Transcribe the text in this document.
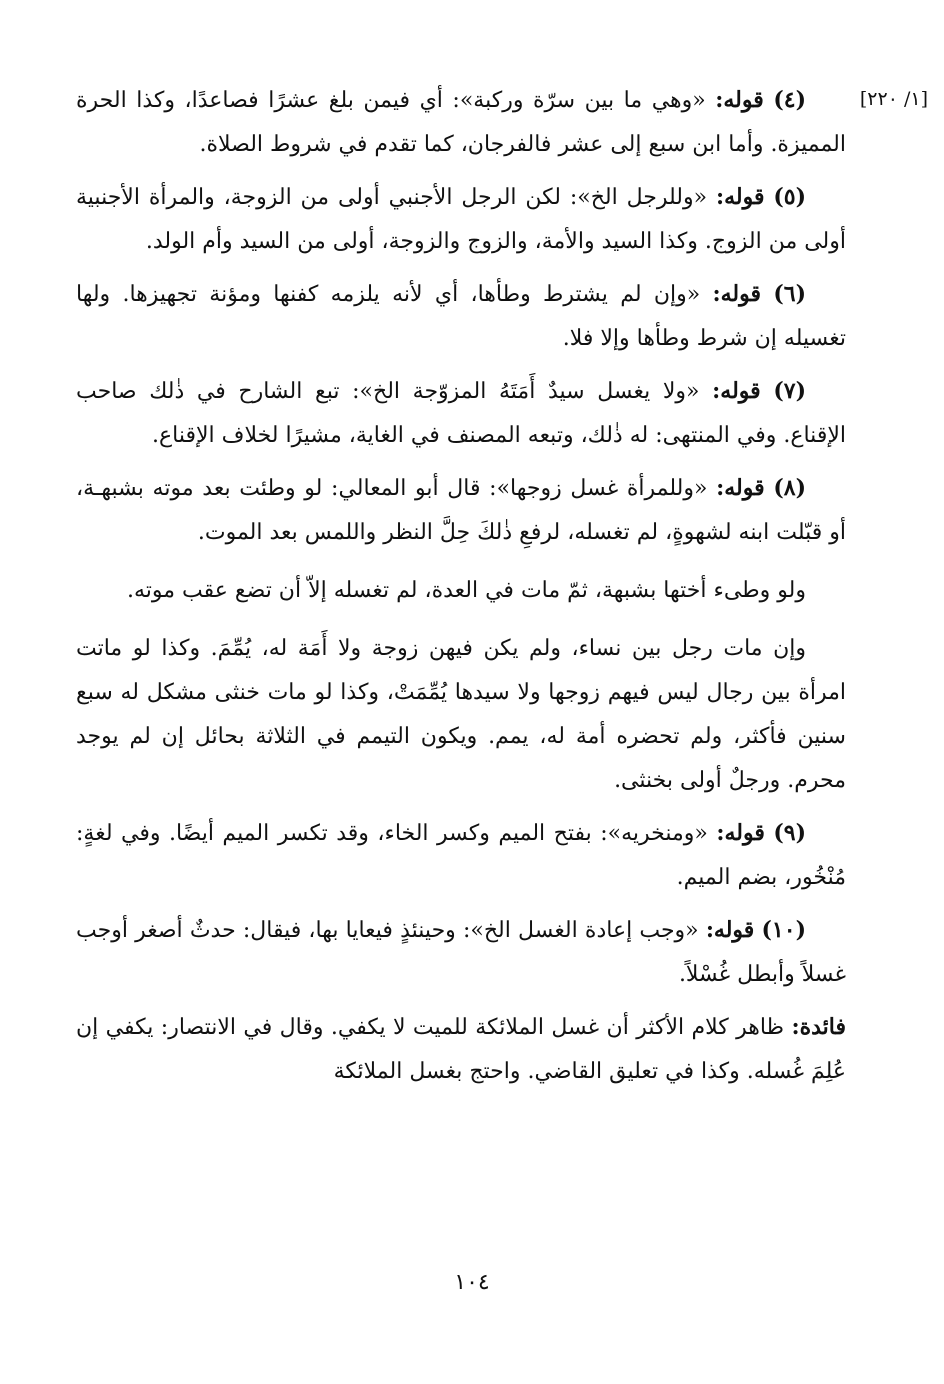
[١/ ٢٢٠]

(٤) قوله: «وهي ما بين سرّة وركبة»: أي فيمن بلغ عشرًا فصاعدًا، وكذا الحرة المميزة. وأما ابن سبع إلى عشر فالفرجان، كما تقدم في شروط الصلاة.

(٥) قوله: «وللرجل الخ»: لكن الرجل الأجنبي أولى من الزوجة، والمرأة الأجنبية أولى من الزوج. وكذا السيد والأمة، والزوج والزوجة، أولى من السيد وأم الولد.

(٦) قوله: «وإن لم يشترط وطأها، أي لأنه يلزمه كفنها ومؤنة تجهيزها. ولها تغسيله إن شرط وطأها وإلا فلا.

(٧) قوله: «ولا يغسل سيدٌ أَمَتَهُ المزوّجة الخ»: تبع الشارح في ذٰلك صاحب الإقناع. وفي المنتهى: له ذٰلك، وتبعه المصنف في الغاية، مشيرًا لخلاف الإقناع.

(٨) قوله: «وللمرأة غسل زوجها»: قال أبو المعالي: لو وطئت بعد موته بشبهـة، أو قبّلت ابنه لشهوةٍ، لم تغسله، لرفعِ ذٰلكَ حِلَّ النظر واللمس بعد الموت.

ولو وطىء أختها بشبهة، ثمّ مات في العدة، لم تغسله إلاّ أن تضع عقب موته.

وإن مات رجل بين نساء، ولم يكن فيهن زوجة ولا أَمَة له، يُمِّمَ. وكذا لو ماتت امرأة بين رجال ليس فيهم زوجها ولا سيدها يُمِّمَتْ، وكذا لو مات خنثى مشكل له سبع سنين فأكثر، ولم تحضره أمة له، يمم. ويكون التيمم في الثلاثة بحائل إن لم يوجد محرم. ورجلٌ أولى بخنثى.

(٩) قوله: «ومنخريه»: بفتح الميم وكسر الخاء، وقد تكسر الميم أيضًا. وفي لغةٍ: مُنْخُور، بضم الميم.

(١٠) قوله: «وجب إعادة الغسل الخ»: وحينئذٍ فيعايا بها، فيقال: حدثٌ أصغر أوجب غسلاً وأبطل غُسْلاً.

فائدة: ظاهر كلام الأكثر أن غسل الملائكة للميت لا يكفي. وقال في الانتصار: يكفي إن عُلِمَ غُسله. وكذا في تعليق القاضي. واحتج بغسل الملائكة

١٠٤
